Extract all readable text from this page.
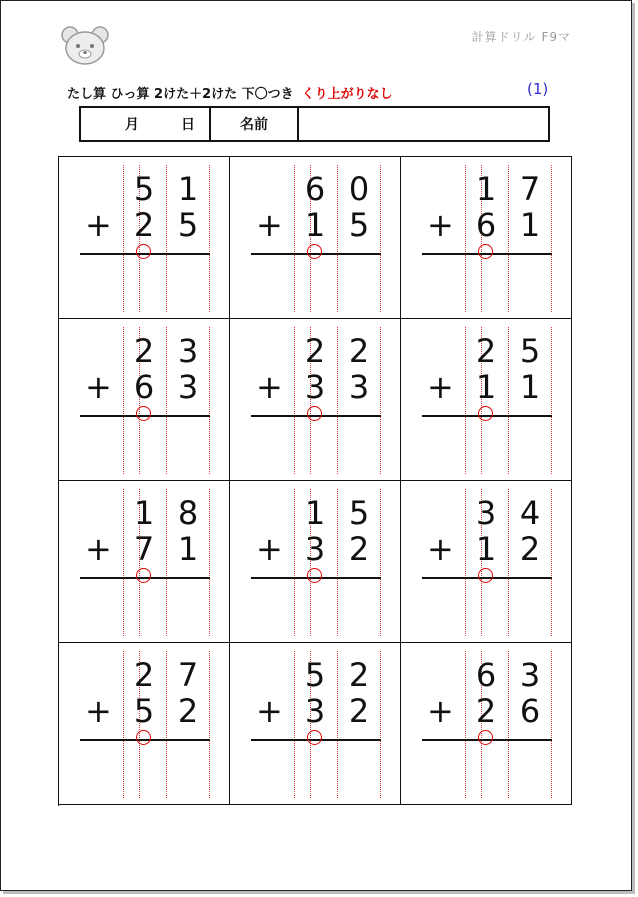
計算ドリル F9マ
たし算 ひっ算 2けた＋2けた 下〇つき くり上がりなし	(1)
月	日	名前
5 1
+ 2 5
6 0
+ 1 5
1 7
+ 6 1
2 3
+ 6 3
2 2
+ 3 3
2 5
+ 1 1
1 8
+ 7 1
1 5
+ 3 2
3 4
+ 1 2
2 7
+ 5 2
5 2
+ 3 2
6 3
+ 2 6
